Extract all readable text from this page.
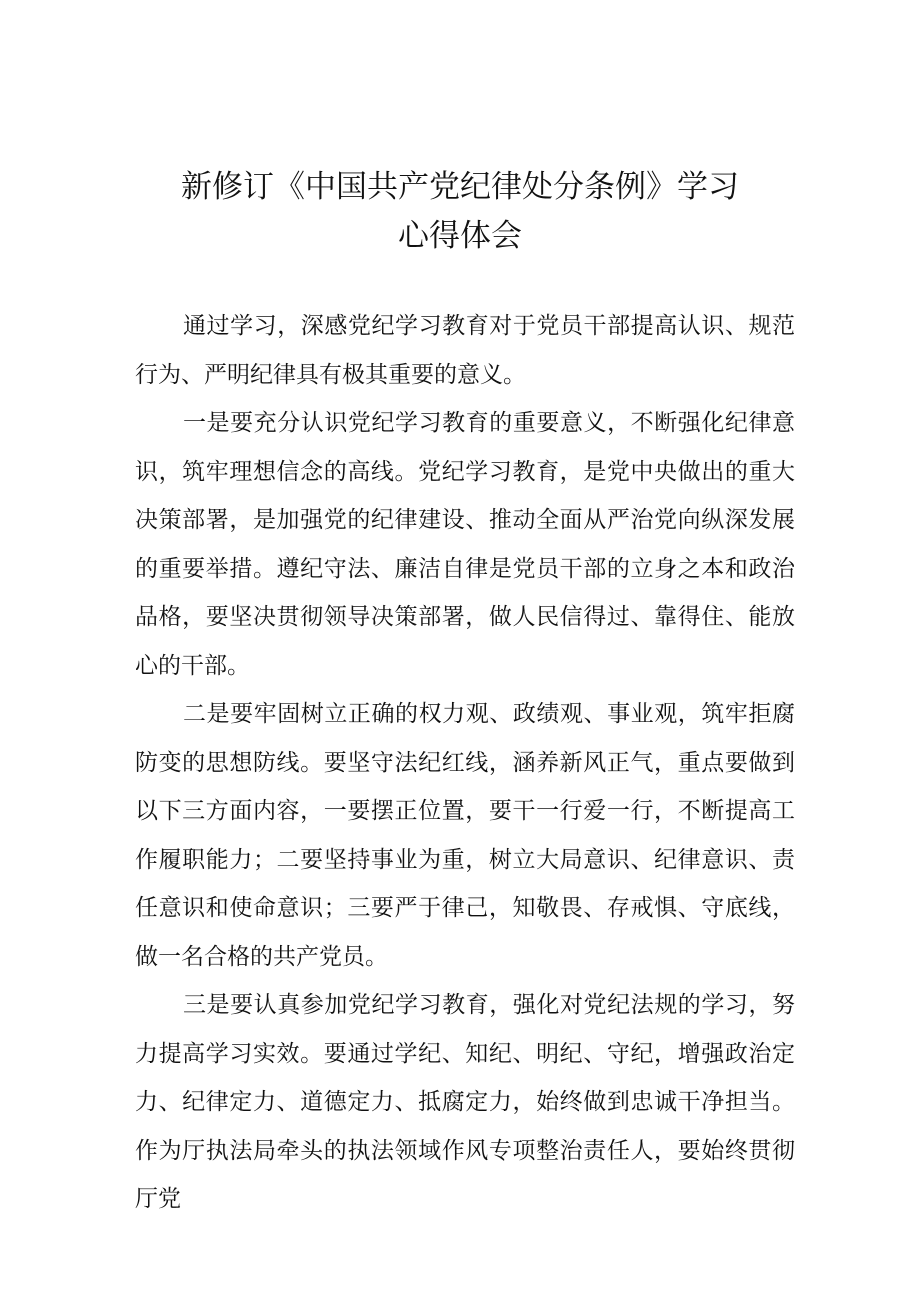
新修订《中国共产党纪律处分条例》学习
心得体会

通过学习，深感党纪学习教育对于党员干部提高认识、规范行为、严明纪律具有极其重要的意义。

一是要充分认识党纪学习教育的重要意义，不断强化纪律意识，筑牢理想信念的高线。党纪学习教育，是党中央做出的重大决策部署，是加强党的纪律建设、推动全面从严治党向纵深发展的重要举措。遵纪守法、廉洁自律是党员干部的立身之本和政治品格，要坚决贯彻领导决策部署，做人民信得过、靠得住、能放心的干部。

二是要牢固树立正确的权力观、政绩观、事业观，筑牢拒腐防变的思想防线。要坚守法纪红线，涵养新风正气，重点要做到以下三方面内容，一要摆正位置，要干一行爱一行，不断提高工作履职能力；二要坚持事业为重，树立大局意识、纪律意识、责任意识和使命意识；三要严于律己，知敬畏、存戒惧、守底线，做一名合格的共产党员。

三是要认真参加党纪学习教育，强化对党纪法规的学习，努力提高学习实效。要通过学纪、知纪、明纪、守纪，增强政治定力、纪律定力、道德定力、抵腐定力，始终做到忠诚干净担当。作为厅执法局牵头的执法领域作风专项整治责任人，要始终贯彻厅党
